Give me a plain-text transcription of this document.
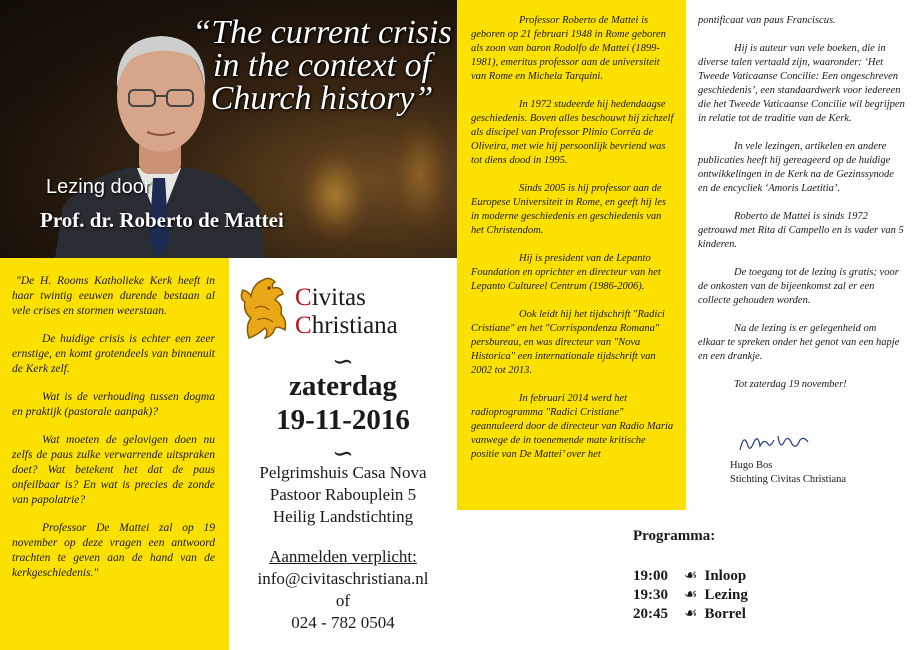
“The current crisis in the context of Church history”
Lezing door
Prof. dr. Roberto de Mattei

"De H. Rooms Katholieke Kerk heeft in haar twintig eeuwen durende bestaan al vele crises en stormen weerstaan.

De huidige crisis is echter een zeer ernstige, en komt grotendeels van binnenuit de Kerk zelf.

Wat is de verhouding tussen dogma en praktijk (pastorale aanpak)?

Wat moeten de gelovigen doen nu zelfs de paus zulke verwarrende uitspraken doet? Wat betekent het dat de paus onfeilbaar is? En wat is precies de zonde van papolatrie?

Professor De Mattei zal op 19 november op deze vragen een antwoord trachten te geven aan de hand van de kerkgeschiedenis."

Civitas
Christiana
∽
zaterdag
19-11-2016
∽
Pelgrimshuis Casa Nova
Pastoor Rabouplein 5
Heilig Landstichting
Aanmelden verplicht:
info@civitaschristiana.nl
of
024 - 782 0504

Professor Roberto de Mattei is geboren op 21 februari 1948 in Rome geboren als zoon van baron Rodolfo de Mattei (1899-1981), emeritus professor aan de universiteit van Rome en Michela Tarquini.

In 1972 studeerde hij hedendaagse geschiedenis. Boven alles beschouwt hij zichzelf als discipel van Professor Plinio Corrêa de Oliveira, met wie hij persoonlijk bevriend was tot diens dood in 1995.

Sinds 2005 is hij professor aan de Europese Universiteit in Rome, en geeft hij les in moderne geschiedenis en geschiedenis van het Christendom.

Hij is president van de Lepanto Foundation en oprichter en directeur van het Lepanto Cultureel Centrum (1986-2006).

Ook leidt hij het tijdschrift "Radici Cristiane" en het "Corrispondenza Romana" persbureau, en was directeur van "Nova Historica" een internationale tijdschrift van 2002 tot 2013.

In februari 2014 werd het radioprogramma "Radici Cristiane" geannuleerd door de directeur van Radio Maria vanwege de in toenemende mate kritische positie van De Mattei’ over het

pontificaat van paus Franciscus.

Hij is auteur van vele boeken, die in diverse talen vertaald zijn, waaronder: ‘Het Tweede Vaticaanse Concilie: Een ongeschreven geschiedenis’, een standaardwerk voor iedereen die het Tweede Vaticaanse Concilie wil begrijpen in relatie tot de traditie van de Kerk.

In vele lezingen, artikelen en andere publicaties heeft hij gereageerd op de huidige ontwikkelingen in de Kerk na de Gezinssynode en de encycliek ‘Amoris Laetitia’.

Roberto de Mattei is sinds 1972 getrouwd met Rita di Campello en is vader van 5 kinderen.

De toegang tot de lezing is gratis; voor de onkosten van de bijeenkomst zal er een collecte gehouden worden.

Na de lezing is er gelegenheid om elkaar te spreken onder het genot van een hapje en een drankje.

Tot zaterdag 19 november!

Hugo Bos
Stichting Civitas Christiana
Programma:
19:00 ☙ Inloop
19:30 ☙ Lezing
20:45 ☙ Borrel
